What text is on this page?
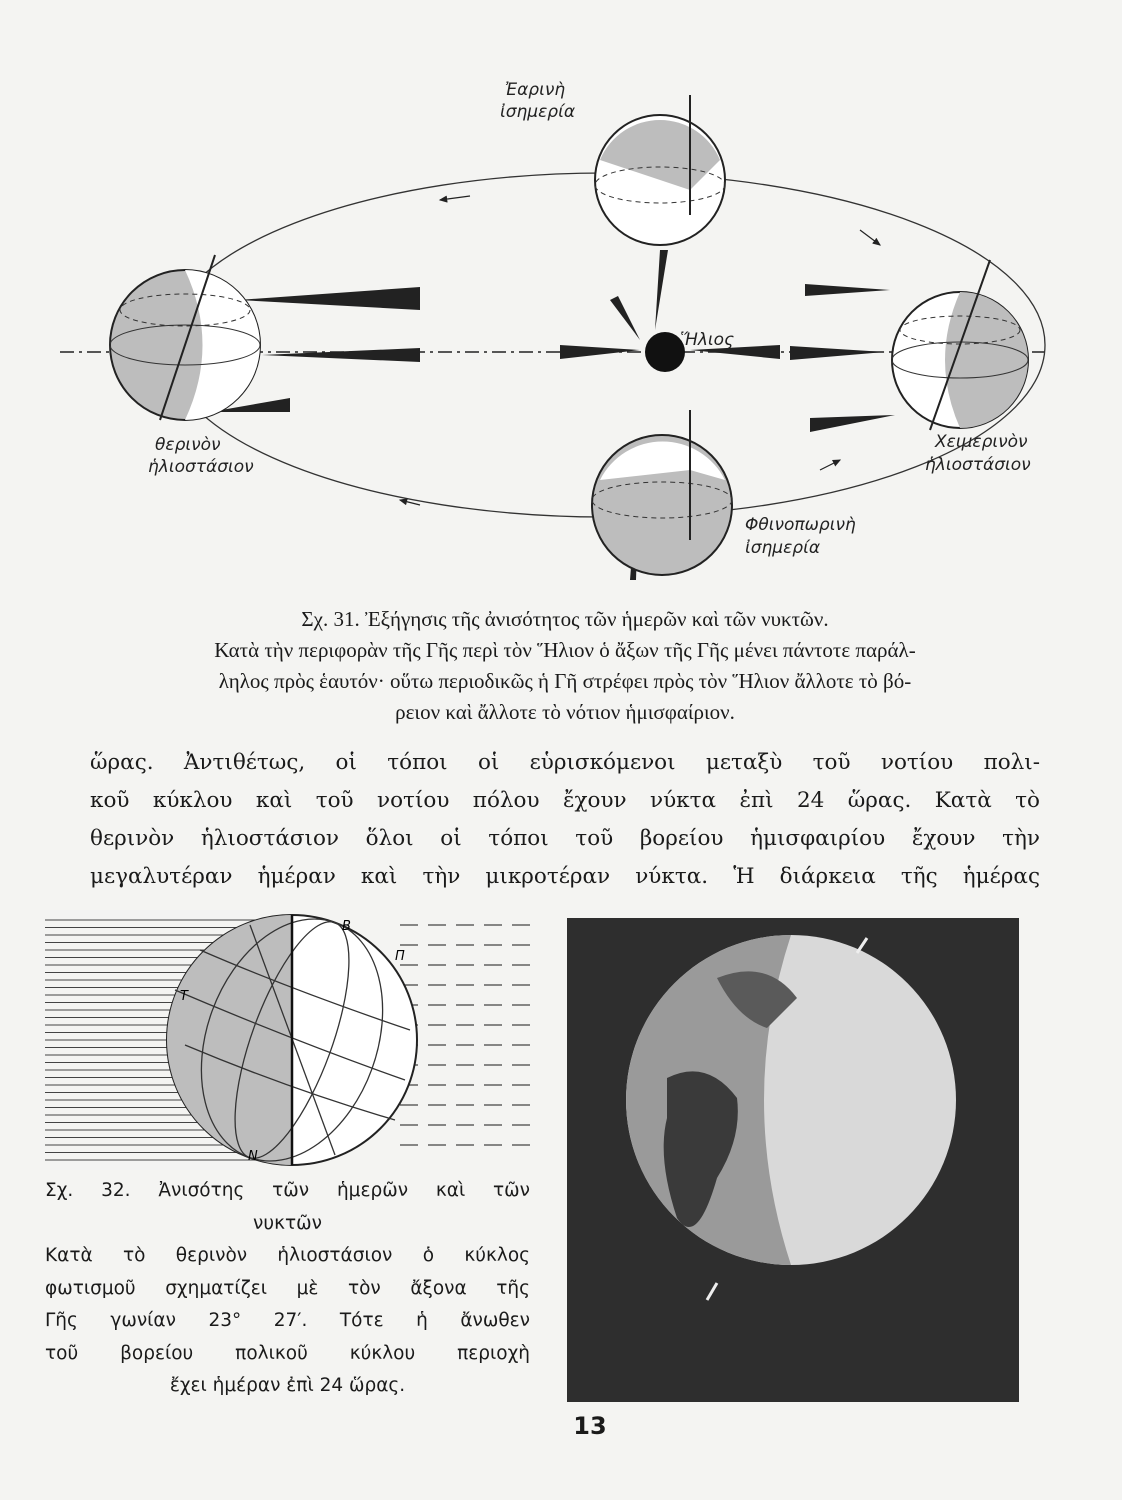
Ἐαρινὴ
ἰσημερία
Ἥλιος
θερινὸν
ἡλιοστάσιον
Χειμερινὸν
ἡλιοστάσιον
Φθινοπωρινὴ
ἰσημερία
Σχ. 31. Ἐξήγησις τῆς ἀνισότητος τῶν ἡμερῶν καὶ τῶν νυκτῶν.
Κατὰ τὴν περιφορὰν τῆς Γῆς περὶ τὸν Ἥλιον ὁ ἄξων τῆς Γῆς μένει πάντοτε παράλ-
ληλος πρὸς ἑαυτόν· οὕτω περιοδικῶς ἡ Γῆ στρέφει πρὸς τὸν Ἥλιον ἄλλοτε τὸ βό-
ρειον καὶ ἄλλοτε τὸ νότιον ἡμισφαίριον.
ὥρας. Ἀντιθέτως, οἱ τόποι οἱ εὑρισκόμενοι μεταξὺ τοῦ νοτίου πολι-
κοῦ κύκλου καὶ τοῦ νοτίου πόλου ἔχουν νύκτα ἐπὶ 24 ὥρας. Κατὰ τὸ
θερινὸν ἡλιοστάσιον ὅλοι οἱ τόποι τοῦ βορείου ἡμισφαιρίου ἔχουν τὴν
μεγαλυτέραν ἡμέραν καὶ τὴν μικροτέραν νύκτα. Ἡ διάρκεια τῆς ἡμέρας
Β
Ν
Π
Τ
Σχ. 32. Ἀνισότης τῶν ἡμερῶν καὶ τῶν
νυκτῶν
Κατὰ τὸ θερινὸν ἡλιοστάσιον ὁ κύκλος
φωτισμοῦ σχηματίζει μὲ τὸν ἄξονα τῆς
Γῆς γωνίαν 23° 27′. Τότε ἡ ἄνωθεν
τοῦ βορείου πολικοῦ κύκλου περιοχὴ
ἔχει ἡμέραν ἐπὶ 24 ὥρας.
13
